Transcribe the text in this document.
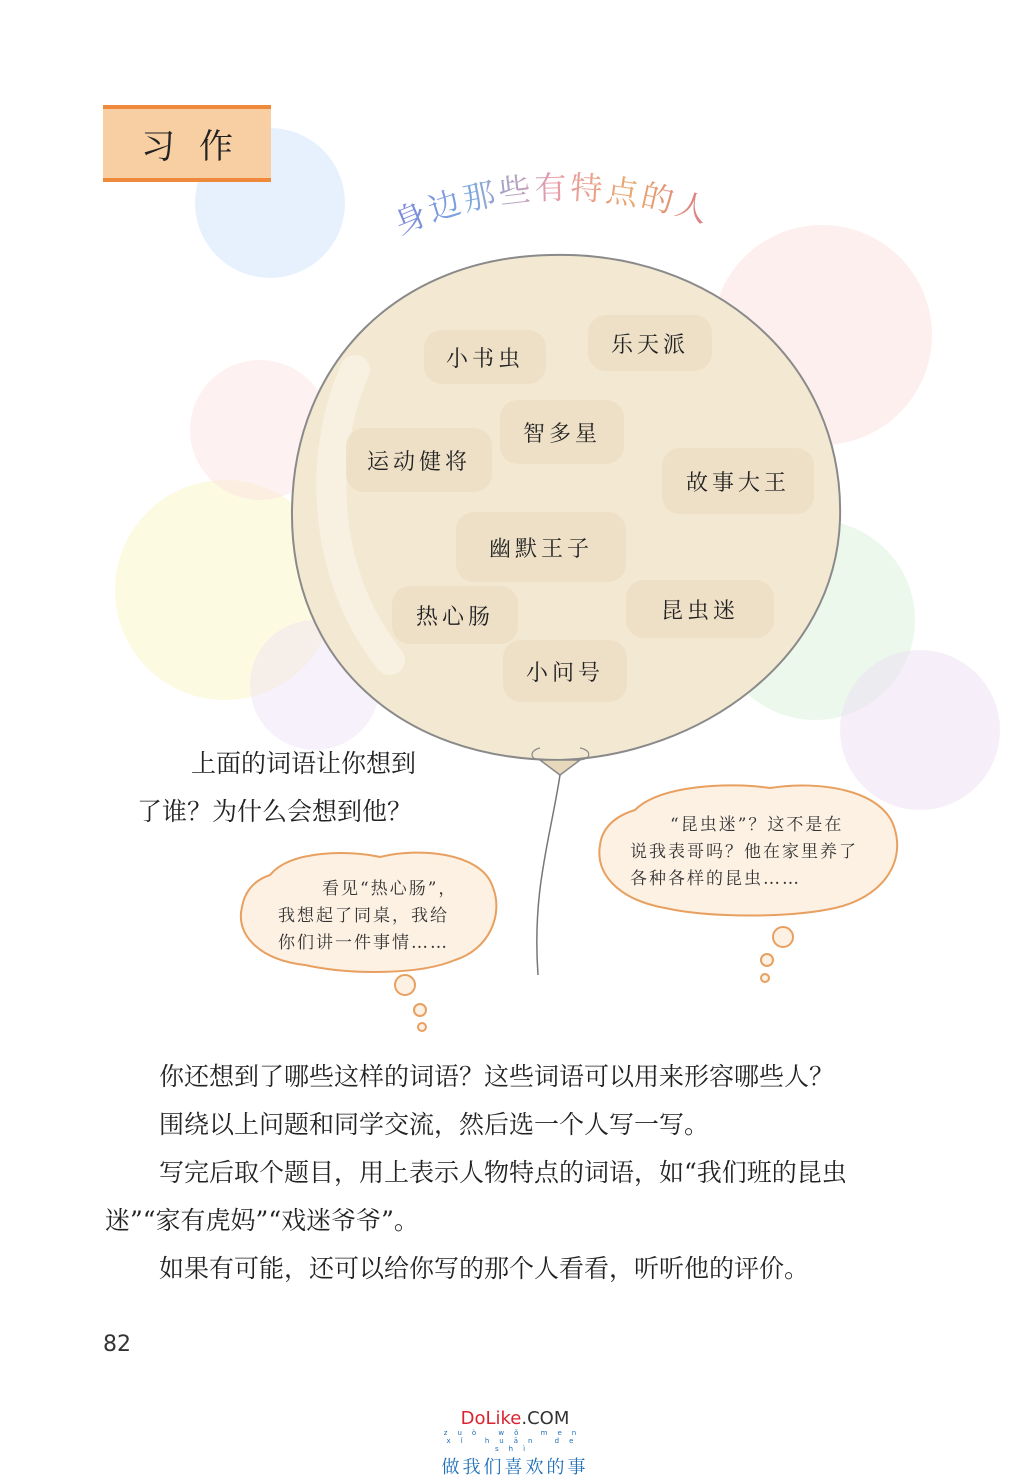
习作
身边那些有特点的人
小书虫
乐天派
智多星
运动健将
故事大王
幽默王子
热心肠	昆虫迷
小问号
上面的词语让你想到
了谁？为什么会想到他？
看见“热心肠”，
我想起了同桌，我给
你们讲一件事情……
“昆虫迷”？这不是在
说我表哥吗？他在家里养了
各种各样的昆虫……

你还想到了哪些这样的词语？这些词语可以用来形容哪些人？

围绕以上问题和同学交流，然后选一个人写一写。

写完后取个题目，用上表示人物特点的词语，如“我们班的昆虫迷”“家有虎妈”“戏迷爷爷”。

如果有可能，还可以给你写的那个人看看，听听他的评价。

82
DoLike.COM
zuò wǒ men xǐ huān de shì
做我们喜欢的事
